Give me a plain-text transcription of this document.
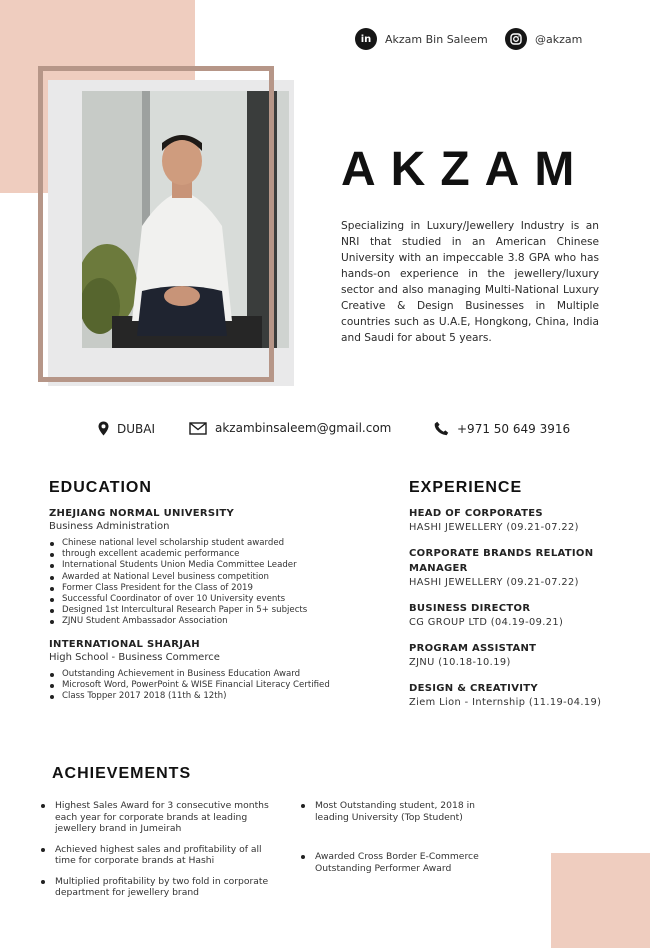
in	Akzam Bin Saleem	@akzam
AKZAM

Specializing in Luxury/Jewellery Industry is an NRI that studied in an American Chinese University with an impeccable 3.8 GPA who has hands-on experience in the jewellery/luxury sector and also managing Multi-National Luxury Creative & Design Businesses in Multiple countries such as U.A.E, Hongkong, China, India and Saudi for about 5 years.

DUBAI	akzambinsaleem@gmail.com	+971 50 649 3916
EDUCATION
ZHEJIANG NORMAL UNIVERSITY
Business Administration
Chinese national level scholarship student awarded
through excellent academic performance
International Students Union Media Committee Leader
Awarded at National Level business competition
Former Class President for the Class of 2019
Successful Coordinator of over 10 University events
Designed 1st Intercultural Research Paper in 5+ subjects
ZJNU Student Ambassador Association
INTERNATIONAL SHARJAH
High School - Business Commerce
Outstanding Achievement in Business Education Award
Microsoft Word, PowerPoint & WISE Financial Literacy Certified
Class Topper 2017 2018 (11th & 12th)
EXPERIENCE
HEAD OF CORPORATES
HASHI JEWELLERY (09.21-07.22)
CORPORATE BRANDS RELATION MANAGER
HASHI JEWELLERY (09.21-07.22)
BUSINESS DIRECTOR
CG GROUP LTD (04.19-09.21)
PROGRAM ASSISTANT
ZJNU (10.18-10.19)
DESIGN & CREATIVITY
Ziem Lion - Internship (11.19-04.19)
ACHIEVEMENTS
Highest Sales Award for 3 consecutive months each year for corporate brands at leading jewellery brand in Jumeirah
Achieved highest sales and profitability of all time for corporate brands at Hashi
Multiplied profitability by two fold in corporate department for jewellery brand
Most Outstanding student, 2018 in leading University (Top Student)
Awarded Cross Border E-Commerce Outstanding Performer Award
